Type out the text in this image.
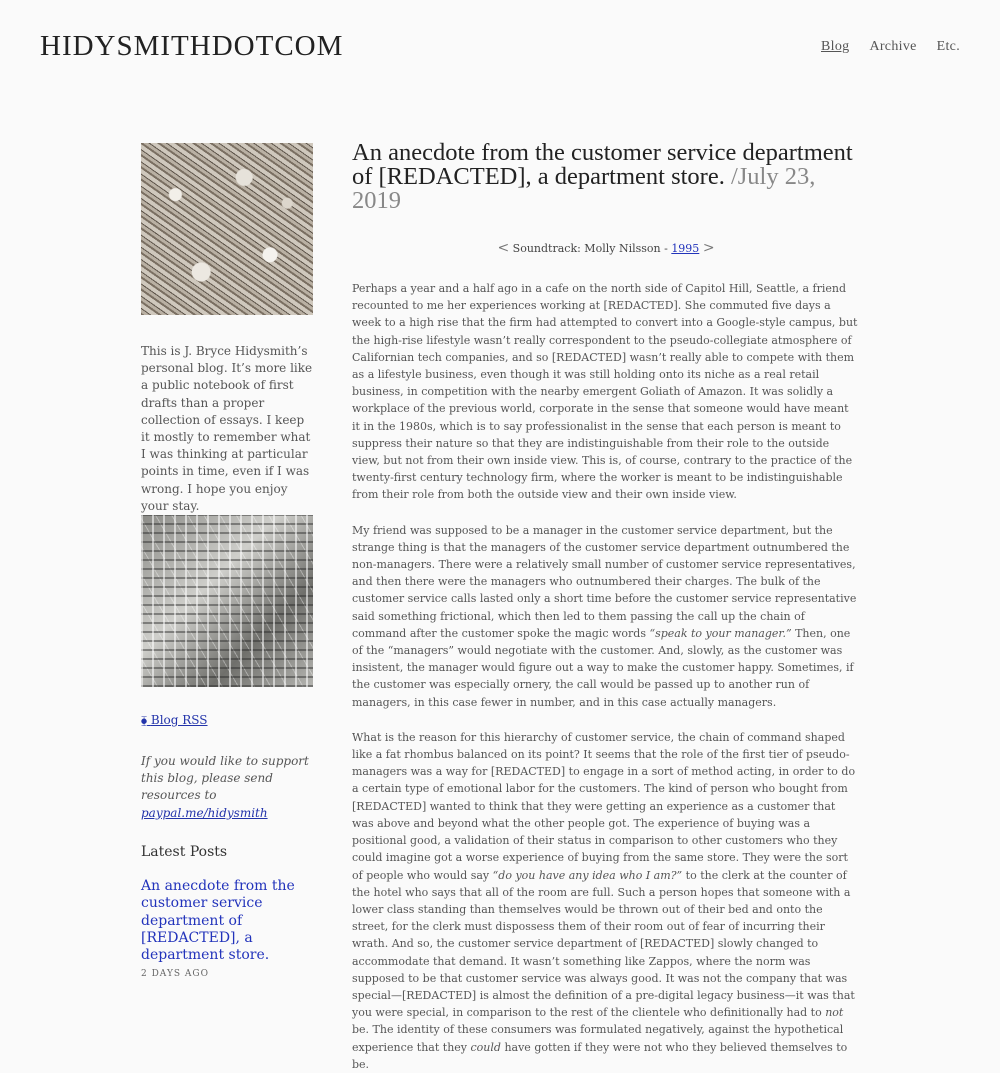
HIDYSMITHDOTCOM	Blog Archive Etc.

This is J. Bryce Hidysmith’s personal blog. It’s more like a public notebook of first drafts than a proper collection of essays. I keep it mostly to remember what I was thinking at particular points in time, even if I was wrong. I hope you enjoy your stay.

⧳ Blog RSS
If you would like to support this blog, please send resources to paypal.me/hidysmith
Latest Posts
An anecdote from the customer service department of [REDACTED], a department store.
2 DAYS AGO
An anecdote from the customer service department of [REDACTED], a department store. /July 23, 2019
< Soundtrack: Molly Nilsson - 1995 >

Perhaps a year and a half ago in a cafe on the north side of Capitol Hill, Seattle, a friend recounted to me her experiences working at [REDACTED]. She commuted five days a week to a high rise that the firm had attempted to convert into a Google-style campus, but the high-rise lifestyle wasn’t really correspondent to the pseudo-collegiate atmosphere of Californian tech companies, and so [REDACTED] wasn’t really able to compete with them as a lifestyle business, even though it was still holding onto its niche as a real retail business, in competition with the nearby emergent Goliath of Amazon. It was solidly a workplace of the previous world, corporate in the sense that someone would have meant it in the 1980s, which is to say professionalist in the sense that each person is meant to suppress their nature so that they are indistinguishable from their role to the outside view, but not from their own inside view. This is, of course, contrary to the practice of the twenty-first century technology firm, where the worker is meant to be indistinguishable from their role from both the outside view and their own inside view.

My friend was supposed to be a manager in the customer service department, but the strange thing is that the managers of the customer service department outnumbered the non-managers. There were a relatively small number of customer service representatives, and then there were the managers who outnumbered their charges. The bulk of the customer service calls lasted only a short time before the customer service representative said something frictional, which then led to them passing the call up the chain of command after the customer spoke the magic words “speak to your manager.” Then, one of the “managers” would negotiate with the customer. And, slowly, as the customer was insistent, the manager would figure out a way to make the customer happy. Sometimes, if the customer was especially ornery, the call would be passed up to another run of managers, in this case fewer in number, and in this case actually managers.

What is the reason for this hierarchy of customer service, the chain of command shaped like a fat rhombus balanced on its point? It seems that the role of the first tier of pseudo-managers was a way for [REDACTED] to engage in a sort of method acting, in order to do a certain type of emotional labor for the customers. The kind of person who bought from [REDACTED] wanted to think that they were getting an experience as a customer that was above and beyond what the other people got. The experience of buying was a positional good, a validation of their status in comparison to other customers who they could imagine got a worse experience of buying from the same store. They were the sort of people who would say “do you have any idea who I am?” to the clerk at the counter of the hotel who says that all of the room are full. Such a person hopes that someone with a lower class standing than themselves would be thrown out of their bed and onto the street, for the clerk must dispossess them of their room out of fear of incurring their wrath. And so, the customer service department of [REDACTED] slowly changed to accommodate that demand. It wasn’t something like Zappos, where the norm was supposed to be that customer service was always good. It was not the company that was special—[REDACTED] is almost the definition of a pre-digital legacy business—it was that you were special, in comparison to the rest of the clientele who definitionally had to not be. The identity of these consumers was formulated negatively, against the hypothetical experience that they could have gotten if they were not who they believed themselves to be.
